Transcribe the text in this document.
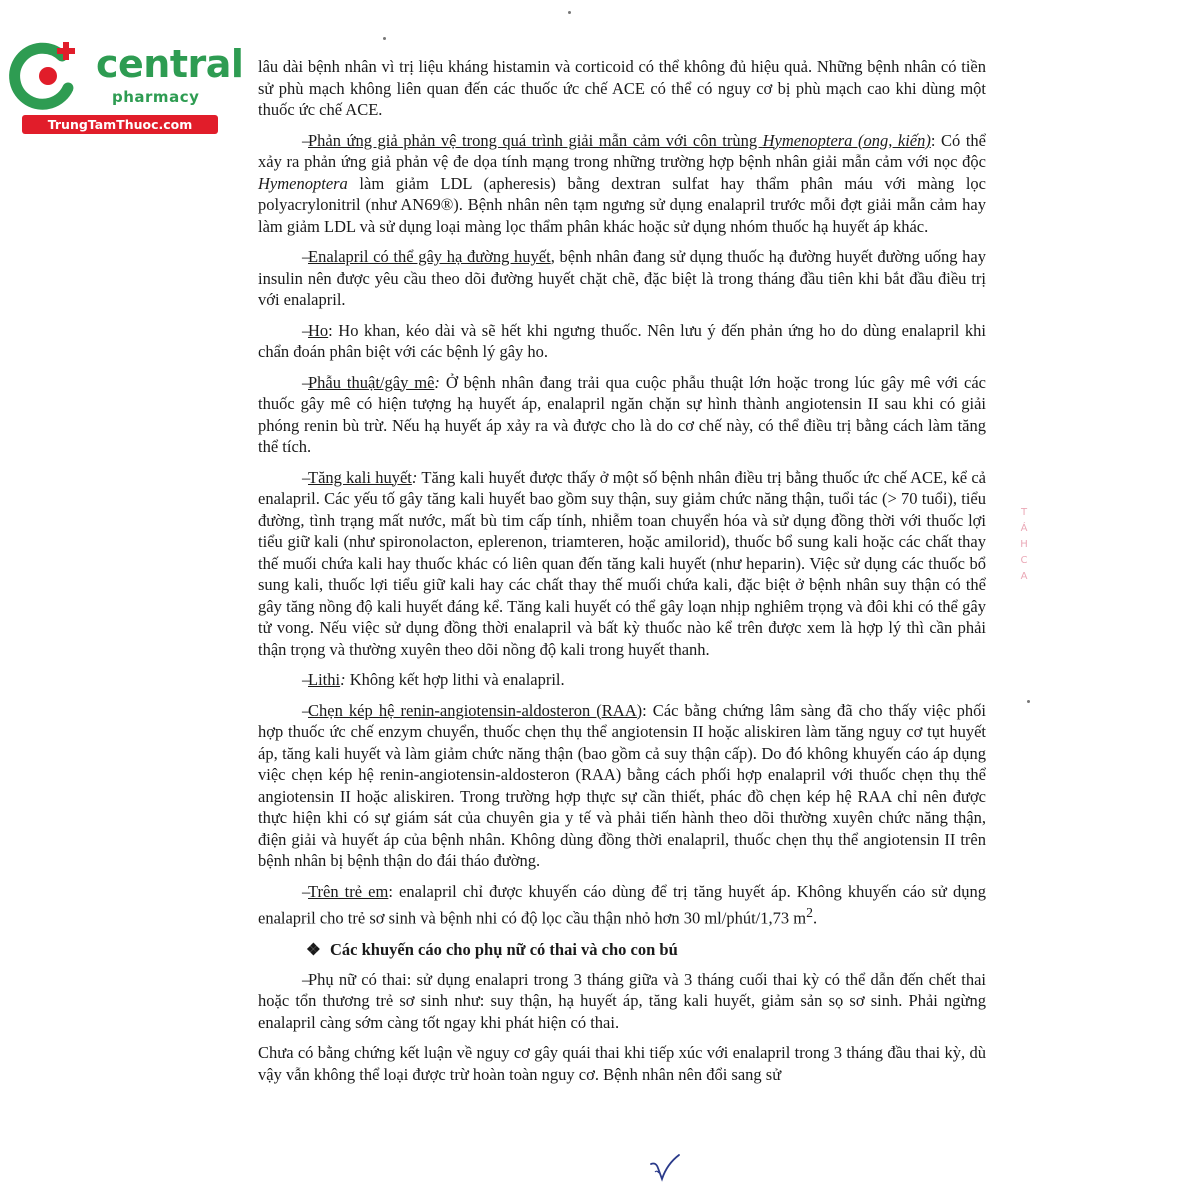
central
pharmacy
TrungTamThuoc.com

lâu dài bệnh nhân vì trị liệu kháng histamin và corticoid có thể không đủ hiệu quả. Những bệnh nhân có tiền sử phù mạch không liên quan đến các thuốc ức chế ACE có thể có nguy cơ bị phù mạch cao khi dùng một thuốc ức chế ACE.

–Phản ứng giả phản vệ trong quá trình giải mẫn cảm với côn trùng Hymenoptera (ong, kiến): Có thể xảy ra phản ứng giả phản vệ đe dọa tính mạng trong những trường hợp bệnh nhân giải mẫn cảm với nọc độc Hymenoptera làm giảm LDL (apheresis) bằng dextran sulfat hay thẩm phân máu với màng lọc polyacrylonitril (như AN69®). Bệnh nhân nên tạm ngưng sử dụng enalapril trước mỗi đợt giải mẫn cảm hay làm giảm LDL và sử dụng loại màng lọc thẩm phân khác hoặc sử dụng nhóm thuốc hạ huyết áp khác.

–Enalapril có thể gây hạ đường huyết, bệnh nhân đang sử dụng thuốc hạ đường huyết đường uống hay insulin nên được yêu cầu theo dõi đường huyết chặt chẽ, đặc biệt là trong tháng đầu tiên khi bắt đầu điều trị với enalapril.

–Ho: Ho khan, kéo dài và sẽ hết khi ngưng thuốc. Nên lưu ý đến phản ứng ho do dùng enalapril khi chẩn đoán phân biệt với các bệnh lý gây ho.

–Phẫu thuật/gây mê: Ở bệnh nhân đang trải qua cuộc phẫu thuật lớn hoặc trong lúc gây mê với các thuốc gây mê có hiện tượng hạ huyết áp, enalapril ngăn chặn sự hình thành angiotensin II sau khi có giải phóng renin bù trừ. Nếu hạ huyết áp xảy ra và được cho là do cơ chế này, có thể điều trị bằng cách làm tăng thể tích.

–Tăng kali huyết: Tăng kali huyết được thấy ở một số bệnh nhân điều trị bằng thuốc ức chế ACE, kể cả enalapril. Các yếu tố gây tăng kali huyết bao gồm suy thận, suy giảm chức năng thận, tuổi tác (> 70 tuổi), tiểu đường, tình trạng mất nước, mất bù tim cấp tính, nhiễm toan chuyển hóa và sử dụng đồng thời với thuốc lợi tiểu giữ kali (như spironolacton, eplerenon, triamteren, hoặc amilorid), thuốc bổ sung kali hoặc các chất thay thế muối chứa kali hay thuốc khác có liên quan đến tăng kali huyết (như heparin). Việc sử dụng các thuốc bổ sung kali, thuốc lợi tiểu giữ kali hay các chất thay thế muối chứa kali, đặc biệt ở bệnh nhân suy thận có thể gây tăng nồng độ kali huyết đáng kể. Tăng kali huyết có thể gây loạn nhịp nghiêm trọng và đôi khi có thể gây tử vong. Nếu việc sử dụng đồng thời enalapril và bất kỳ thuốc nào kể trên được xem là hợp lý thì cần phải thận trọng và thường xuyên theo dõi nồng độ kali trong huyết thanh.

–Lithi: Không kết hợp lithi và enalapril.

–Chẹn kép hệ renin-angiotensin-aldosteron (RAA): Các bằng chứng lâm sàng đã cho thấy việc phối hợp thuốc ức chế enzym chuyển, thuốc chẹn thụ thể angiotensin II hoặc aliskiren làm tăng nguy cơ tụt huyết áp, tăng kali huyết và làm giảm chức năng thận (bao gồm cả suy thận cấp). Do đó không khuyến cáo áp dụng việc chẹn kép hệ renin-angiotensin-aldosteron (RAA) bằng cách phối hợp enalapril với thuốc chẹn thụ thể angiotensin II hoặc aliskiren. Trong trường hợp thực sự cần thiết, phác đồ chẹn kép hệ RAA chỉ nên được thực hiện khi có sự giám sát của chuyên gia y tế và phải tiến hành theo dõi thường xuyên chức năng thận, điện giải và huyết áp của bệnh nhân. Không dùng đồng thời enalapril, thuốc chẹn thụ thể angiotensin II trên bệnh nhân bị bệnh thận do đái tháo đường.

–Trên trẻ em: enalapril chỉ được khuyến cáo dùng để trị tăng huyết áp. Không khuyến cáo sử dụng enalapril cho trẻ sơ sinh và bệnh nhi có độ lọc cầu thận nhỏ hơn 30 ml/phút/1,73 $m^2$.

❖ Các khuyến cáo cho phụ nữ có thai và cho con bú

–Phụ nữ có thai: sử dụng enalapri trong 3 tháng giữa và 3 tháng cuối thai kỳ có thể dẫn đến chết thai hoặc tổn thương trẻ sơ sinh như: suy thận, hạ huyết áp, tăng kali huyết, giảm sản sọ sơ sinh. Phải ngừng enalapril càng sớm càng tốt ngay khi phát hiện có thai.

Chưa có bằng chứng kết luận về nguy cơ gây quái thai khi tiếp xúc với enalapril trong 3 tháng đầu thai kỳ, dù vậy vẫn không thể loại được trừ hoàn toàn nguy cơ. Bệnh nhân nên đổi sang sử

T
Á
H
C
A
